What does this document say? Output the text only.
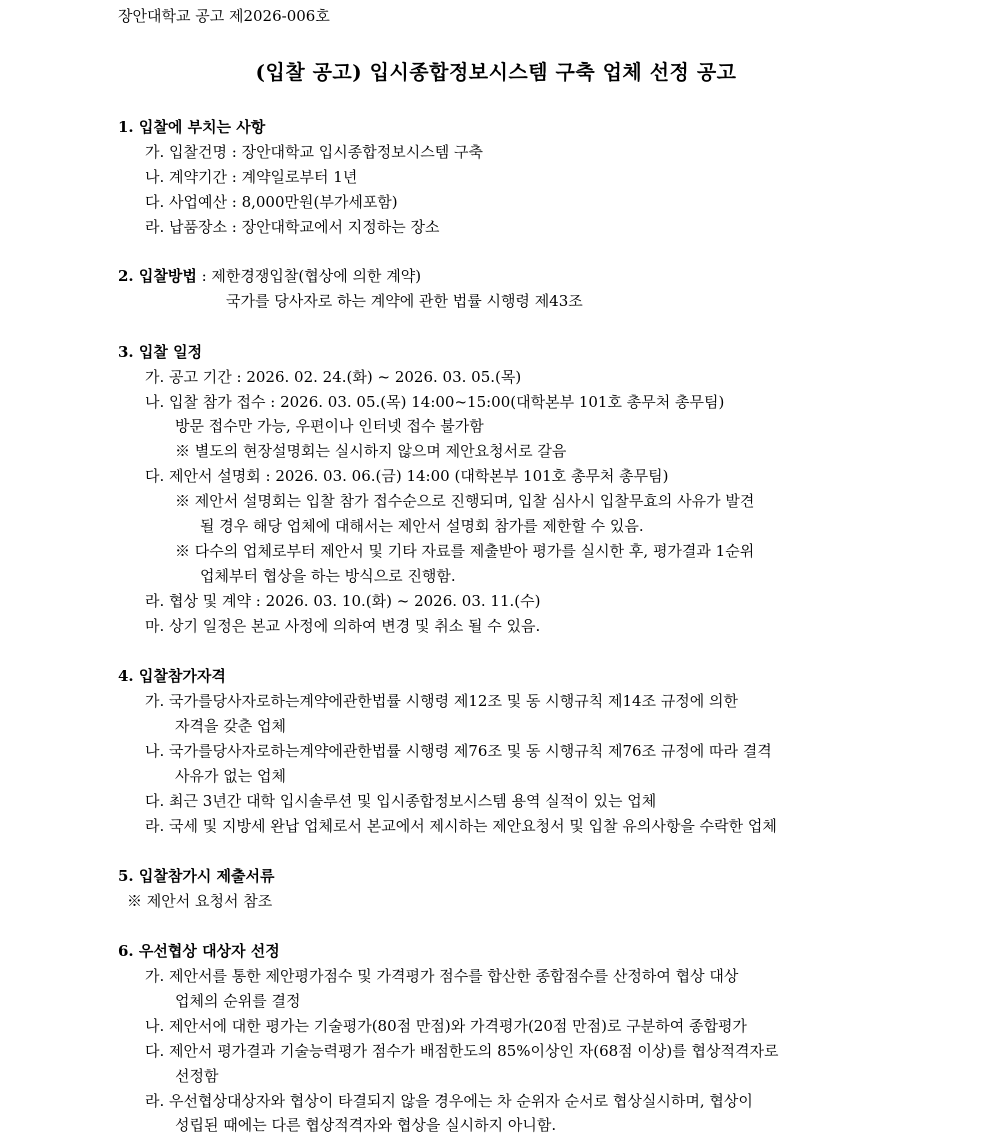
장안대학교 공고 제2026-006호
(입찰 공고) 입시종합정보시스템 구축 업체 선정 공고
1. 입찰에 부치는 사항
가. 입찰건명 : 장안대학교 입시종합정보시스템 구축
나. 계약기간 : 계약일로부터 1년
다. 사업예산 : 8,000만원(부가세포함)
라. 납품장소 : 장안대학교에서 지정하는 장소
2. 입찰방법 : 제한경쟁입찰(협상에 의한 계약)
국가를 당사자로 하는 계약에 관한 법률 시행령 제43조
3. 입찰 일정
가. 공고 기간 : 2026. 02. 24.(화) ~ 2026. 03. 05.(목)
나. 입찰 참가 접수 : 2026. 03. 05.(목) 14:00~15:00(대학본부 101호 총무처 총무팀)
방문 접수만 가능, 우편이나 인터넷 접수 불가함
※ 별도의 현장설명회는 실시하지 않으며 제안요청서로 갈음
다. 제안서 설명회 : 2026. 03. 06.(금) 14:00 (대학본부 101호 총무처 총무팀)
※ 제안서 설명회는 입찰 참가 접수순으로 진행되며, 입찰 심사시 입찰무효의 사유가 발견
될 경우 해당 업체에 대해서는 제안서 설명회 참가를 제한할 수 있음.
※ 다수의 업체로부터 제안서 및 기타 자료를 제출받아 평가를 실시한 후, 평가결과 1순위
업체부터 협상을 하는 방식으로 진행함.
라. 협상 및 계약 : 2026. 03. 10.(화) ~ 2026. 03. 11.(수)
마. 상기 일정은 본교 사정에 의하여 변경 및 취소 될 수 있음.
4. 입찰참가자격
가. 국가를당사자로하는계약에관한법률 시행령 제12조 및 동 시행규칙 제14조 규정에 의한
자격을 갖춘 업체
나. 국가를당사자로하는계약에관한법률 시행령 제76조 및 동 시행규칙 제76조 규정에 따라 결격
사유가 없는 업체
다. 최근 3년간 대학 입시솔루션 및 입시종합정보시스템 용역 실적이 있는 업체
라. 국세 및 지방세 완납 업체로서 본교에서 제시하는 제안요청서 및 입찰 유의사항을 수락한 업체
5. 입찰참가시 제출서류
※ 제안서 요청서 참조
6. 우선협상 대상자 선정
가. 제안서를 통한 제안평가점수 및 가격평가 점수를 합산한 종합점수를 산정하여 협상 대상
업체의 순위를 결정
나. 제안서에 대한 평가는 기술평가(80점 만점)와 가격평가(20점 만점)로 구분하여 종합평가
다. 제안서 평가결과 기술능력평가 점수가 배점한도의 85%이상인 자(68점 이상)를 협상적격자로
선정함
라. 우선협상대상자와 협상이 타결되지 않을 경우에는 차 순위자 순서로 협상실시하며, 협상이
성립된 때에는 다른 협상적격자와 협상을 실시하지 아니함.
